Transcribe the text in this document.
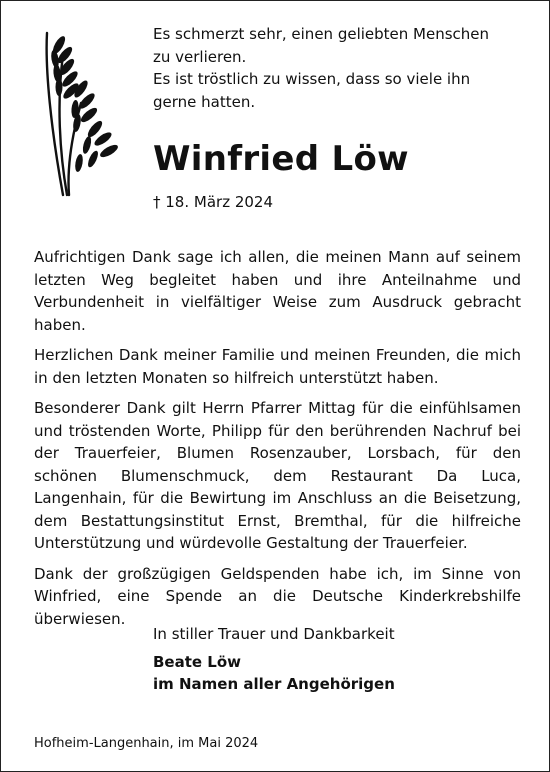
Es schmerzt sehr, einen geliebten Menschen

zu verlieren.

Es ist tröstlich zu wissen, dass so viele ihn

gerne hatten.

Winfried Löw
† 18. März 2024

Aufrichtigen Dank sage ich allen, die meinen Mann auf seinem letzten Weg begleitet haben und ihre Anteilnahme und Verbundenheit in vielfältiger Weise zum Ausdruck gebracht haben.

Herzlichen Dank meiner Familie und meinen Freunden, die mich in den letzten Monaten so hilfreich unterstützt haben.

Besonderer Dank gilt Herrn Pfarrer Mittag für die einfühlsamen und tröstenden Worte, Philipp für den berührenden Nachruf bei der Trauerfeier, Blumen Rosenzauber, Lorsbach, für den schönen Blumenschmuck, dem Restaurant Da Luca, Langenhain, für die Bewirtung im Anschluss an die Beisetzung, dem Bestattungsinstitut Ernst, Bremthal, für die hilfreiche Unterstützung und würdevolle Gestaltung der Trauerfeier.

Dank der großzügigen Geldspenden habe ich, im Sinne von Winfried, eine Spende an die Deutsche Kinderkrebshilfe überwiesen.

In stiller Trauer und Dankbarkeit
Beate Löw
im Namen aller Angehörigen
Hofheim-Langenhain, im Mai 2024
